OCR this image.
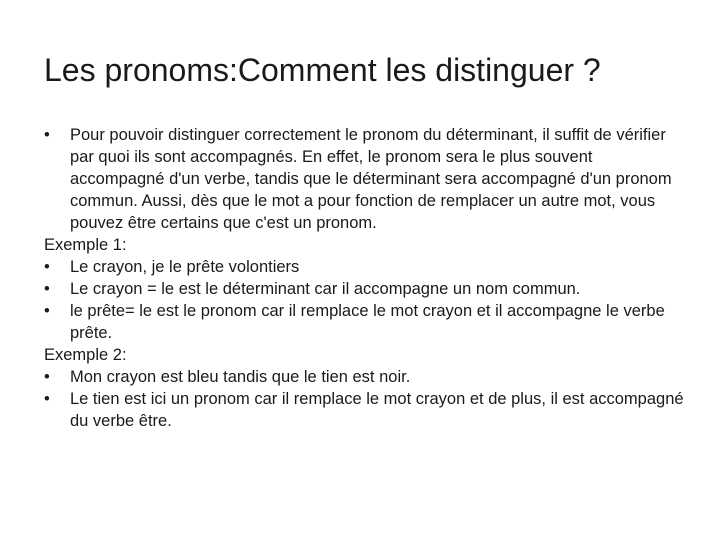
Les pronoms:Comment les distinguer ?

• Pour pouvoir distinguer correctement le pronom du déterminant, il suffit de vérifier par quoi ils sont accompagnés. En effet, le pronom sera le plus souvent accompagné d'un verbe, tandis que le déterminant sera accompagné d'un pronom commun. Aussi, dès que le mot a pour fonction de remplacer un autre mot, vous pouvez être certains que c'est un pronom.

Exemple 1:

• Le crayon, je le prête volontiers

• Le crayon = le est le déterminant car il accompagne un nom commun.

• le prête= le est le pronom car il remplace le mot crayon et il accompagne le verbe prête.

Exemple 2:

• Mon crayon est bleu tandis que le tien est noir.

• Le tien est ici un pronom car il remplace le mot crayon et de plus, il est accompagné du verbe être.
